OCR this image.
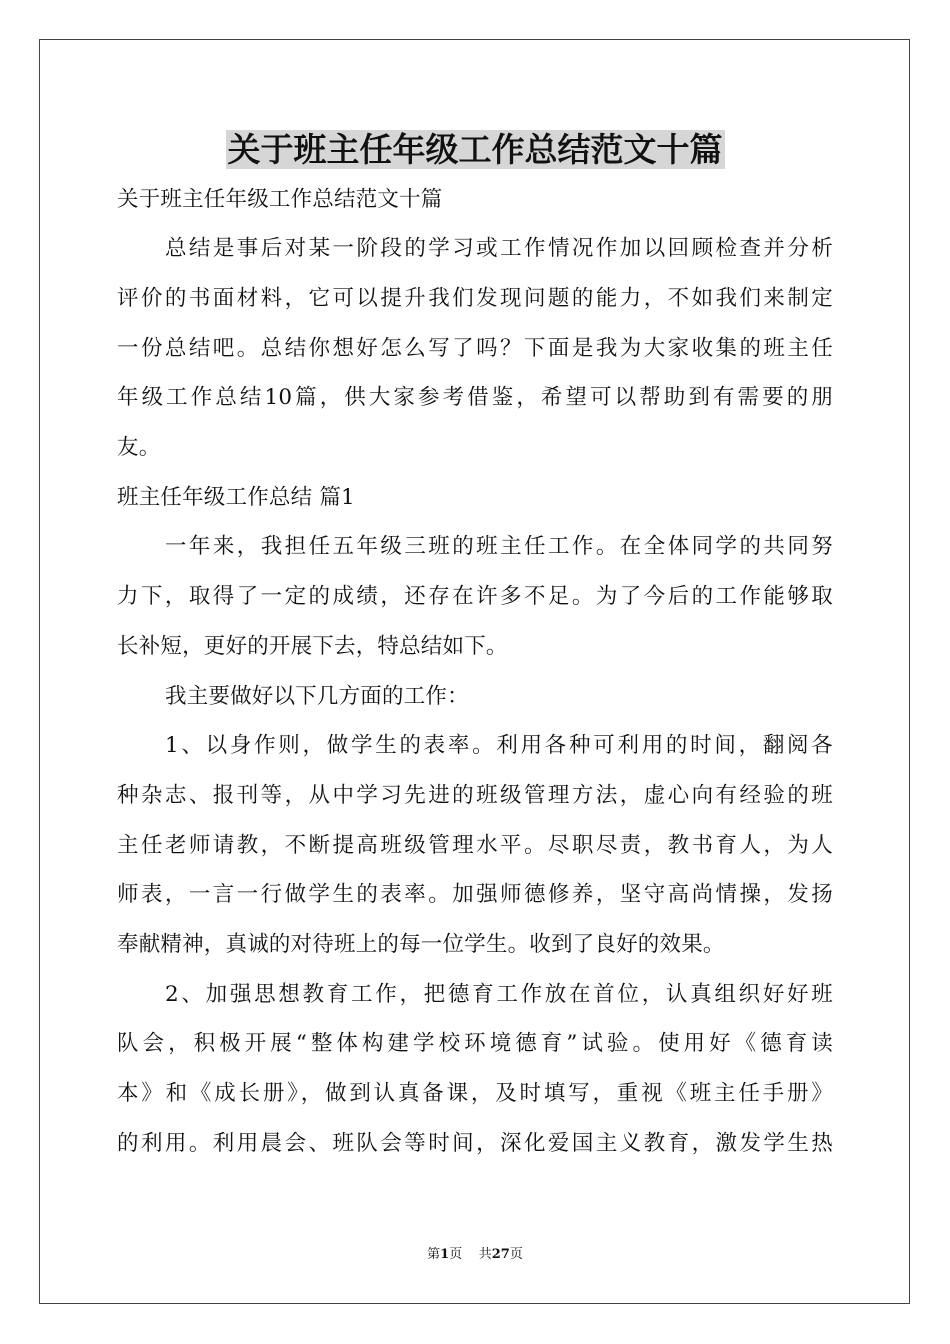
关于班主任年级工作总结范文十篇
关于班主任年级工作总结范文十篇
总结是事后对某一阶段的学习或工作情况作加以回顾检查并分析
评价的书面材料，它可以提升我们发现问题的能力，不如我们来制定
一份总结吧。总结你想好怎么写了吗？下面是我为大家收集的班主任
年级工作总结10篇，供大家参考借鉴，希望可以帮助到有需要的朋
友。
班主任年级工作总结 篇1
一年来，我担任五年级三班的班主任工作。在全体同学的共同努
力下，取得了一定的成绩，还存在许多不足。为了今后的工作能够取
长补短，更好的开展下去，特总结如下。
我主要做好以下几方面的工作：
1、以身作则，做学生的表率。利用各种可利用的时间，翻阅各
种杂志、报刊等，从中学习先进的班级管理方法，虚心向有经验的班
主任老师请教，不断提高班级管理水平。尽职尽责，教书育人，为人
师表，一言一行做学生的表率。加强师德修养，坚守高尚情操，发扬
奉献精神，真诚的对待班上的每一位学生。收到了良好的效果。
2、加强思想教育工作，把德育工作放在首位，认真组织好好班
队会，积极开展“整体构建学校环境德育”试验。使用好《德育读
本》和《成长册》，做到认真备课，及时填写，重视《班主任手册》
的利用。利用晨会、班队会等时间，深化爱国主义教育，激发学生热
第1页    共27页
